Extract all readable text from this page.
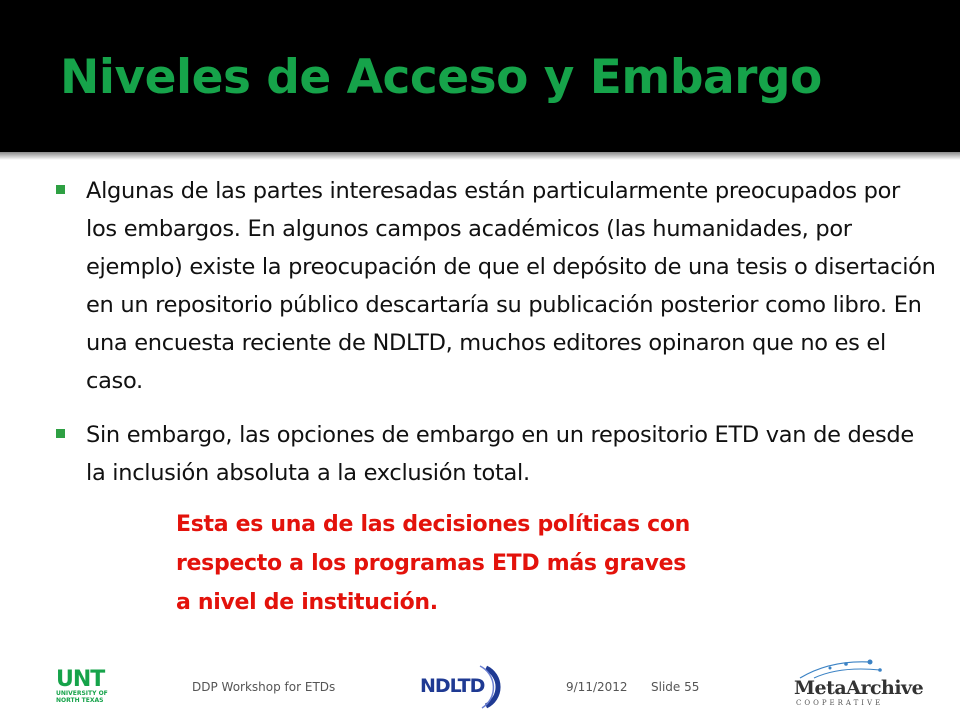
Niveles de Acceso y Embargo
Algunas de las partes interesadas están particularmente preocupados por los embargos. En algunos campos académicos (las humanidades, por ejemplo) existe la preocupación de que el depósito de una tesis o disertación en un repositorio público descartaría su publicación posterior como libro. En una encuesta reciente de NDLTD, muchos editores opinaron que no es el caso.
Sin embargo, las opciones de embargo en un repositorio ETD van de desde la inclusión absoluta a la exclusión total.
Esta es una de las decisiones políticas con
respecto a los programas ETD más graves
a nivel de institución.
UNT
UNIVERSITY OF
NORTH TEXAS
DDP Workshop for ETDs	NDLTD	9/11/2012 Slide 55	MetaArchive
COOPERATIVE
